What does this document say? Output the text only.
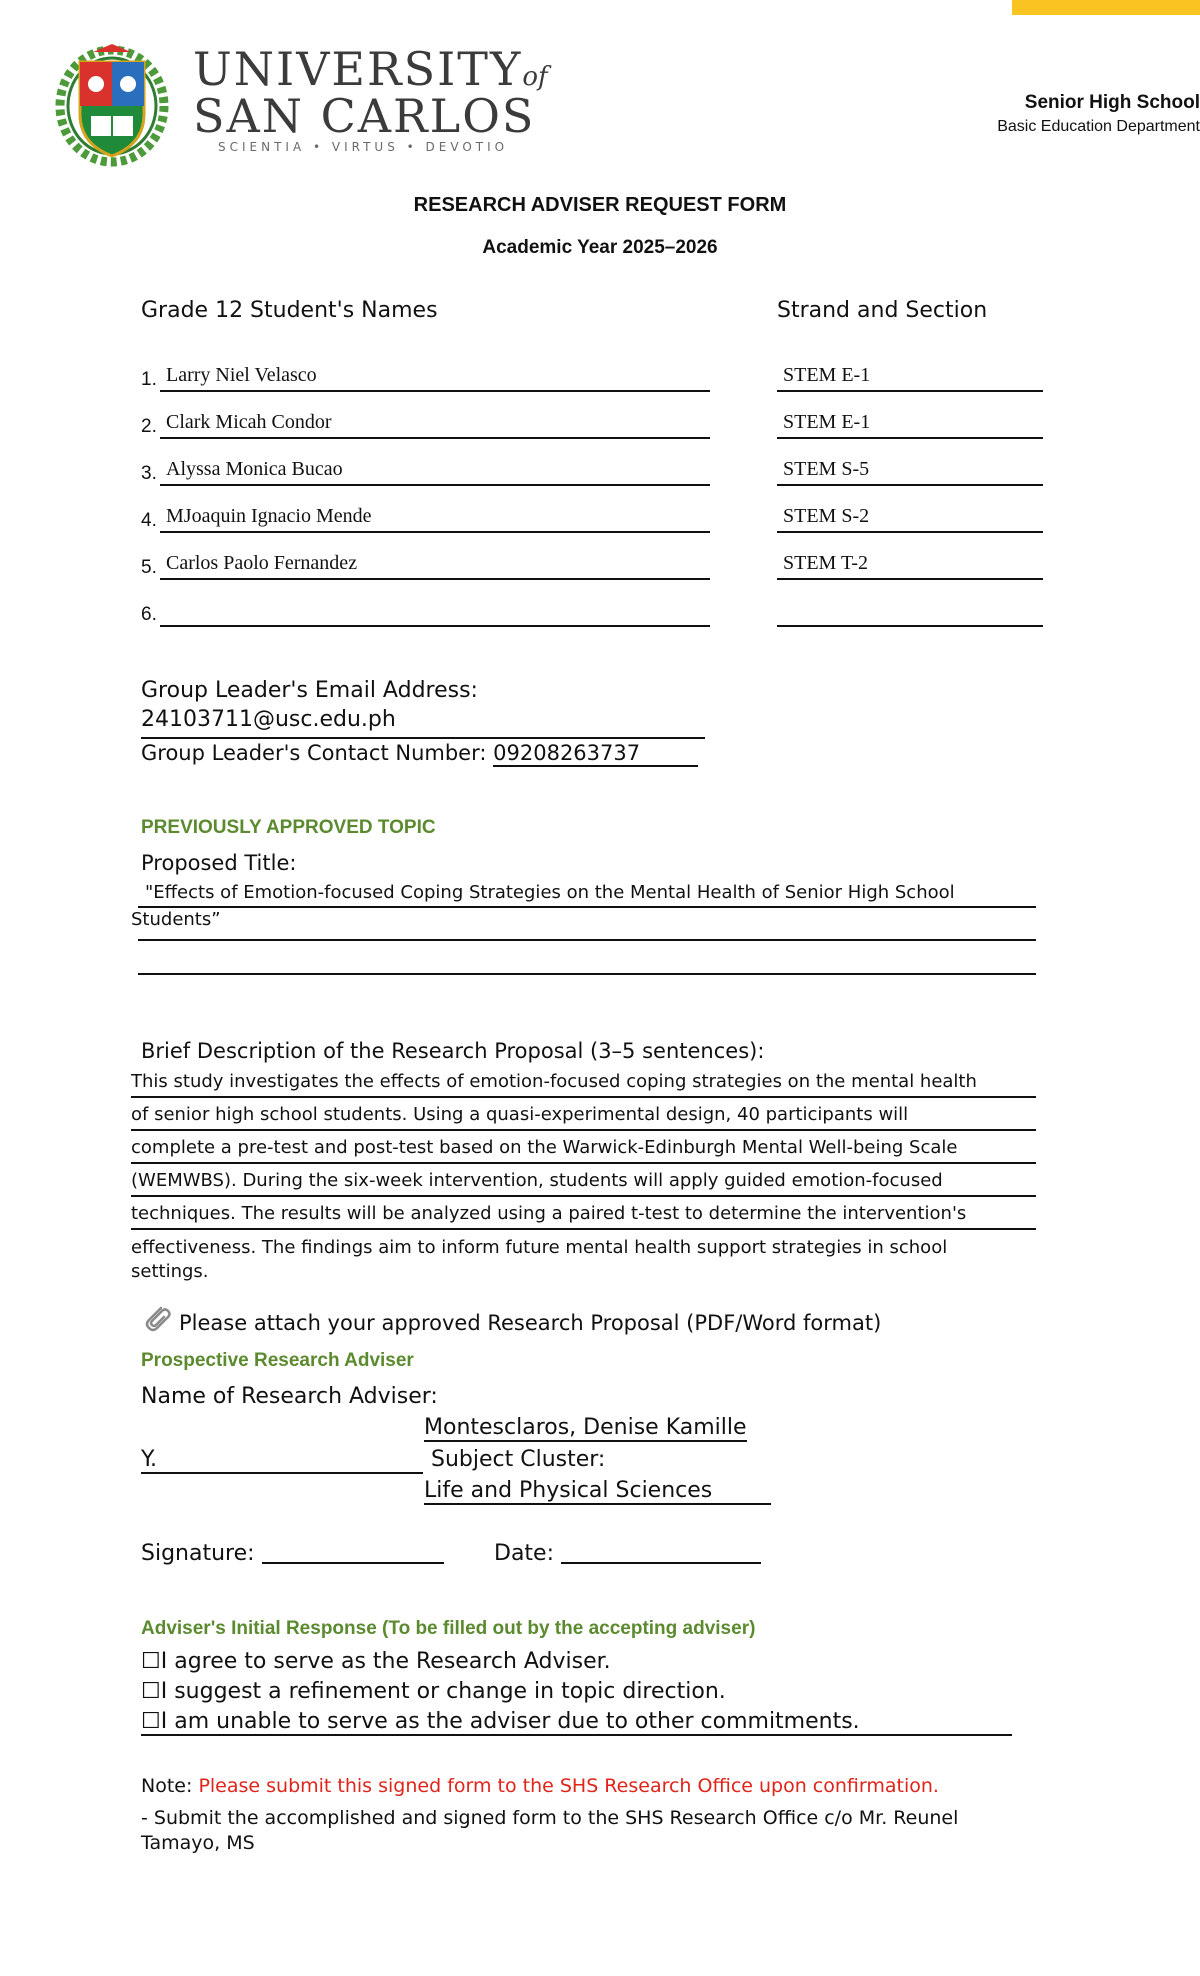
UNIVERSITYof
SAN CARLOS
SCIENTIA • VIRTUS • DEVOTIO
Senior High School
Basic Education Department
RESEARCH ADVISER REQUEST FORM
Academic Year 2025–2026
Grade 12 Student's Names	Strand and Section
1. Larry Niel Velasco	STEM E-1
2. Clark Micah Condor	STEM E-1
3. Alyssa Monica Bucao	STEM S-5
4. MJoaquin Ignacio Mende	STEM S-2
5. Carlos Paolo Fernandez	STEM T-2
6.
Group Leader's Email Address:
24103711@usc.edu.ph
Group Leader's Contact Number: 09208263737
PREVIOUSLY APPROVED TOPIC
Proposed Title:
"Effects of Emotion-focused Coping Strategies on the Mental Health of Senior High School
Students”
Brief Description of the Research Proposal (3–5 sentences):
This study investigates the effects of emotion-focused coping strategies on the mental health
of senior high school students. Using a quasi-experimental design, 40 participants will
complete a pre-test and post-test based on the Warwick-Edinburgh Mental Well-being Scale
(WEMWBS). During the six-week intervention, students will apply guided emotion-focused
techniques. The results will be analyzed using a paired t-test to determine the intervention's
effectiveness. The findings aim to inform future mental health support strategies in school
settings.
Please attach your approved Research Proposal (PDF/Word format)
Prospective Research Adviser
Name of Research Adviser:
Montesclaros, Denise Kamille
Y.	Subject Cluster:
Life and Physical Sciences
Signature:	Date:
Adviser's Initial Response (To be filled out by the accepting adviser)
☐I agree to serve as the Research Adviser.
☐I suggest a refinement or change in topic direction.
☐I am unable to serve as the adviser due to other commitments.
Note: Please submit this signed form to the SHS Research Office upon confirmation.
- Submit the accomplished and signed form to the SHS Research Office c/o Mr. Reunel
Tamayo, MS
